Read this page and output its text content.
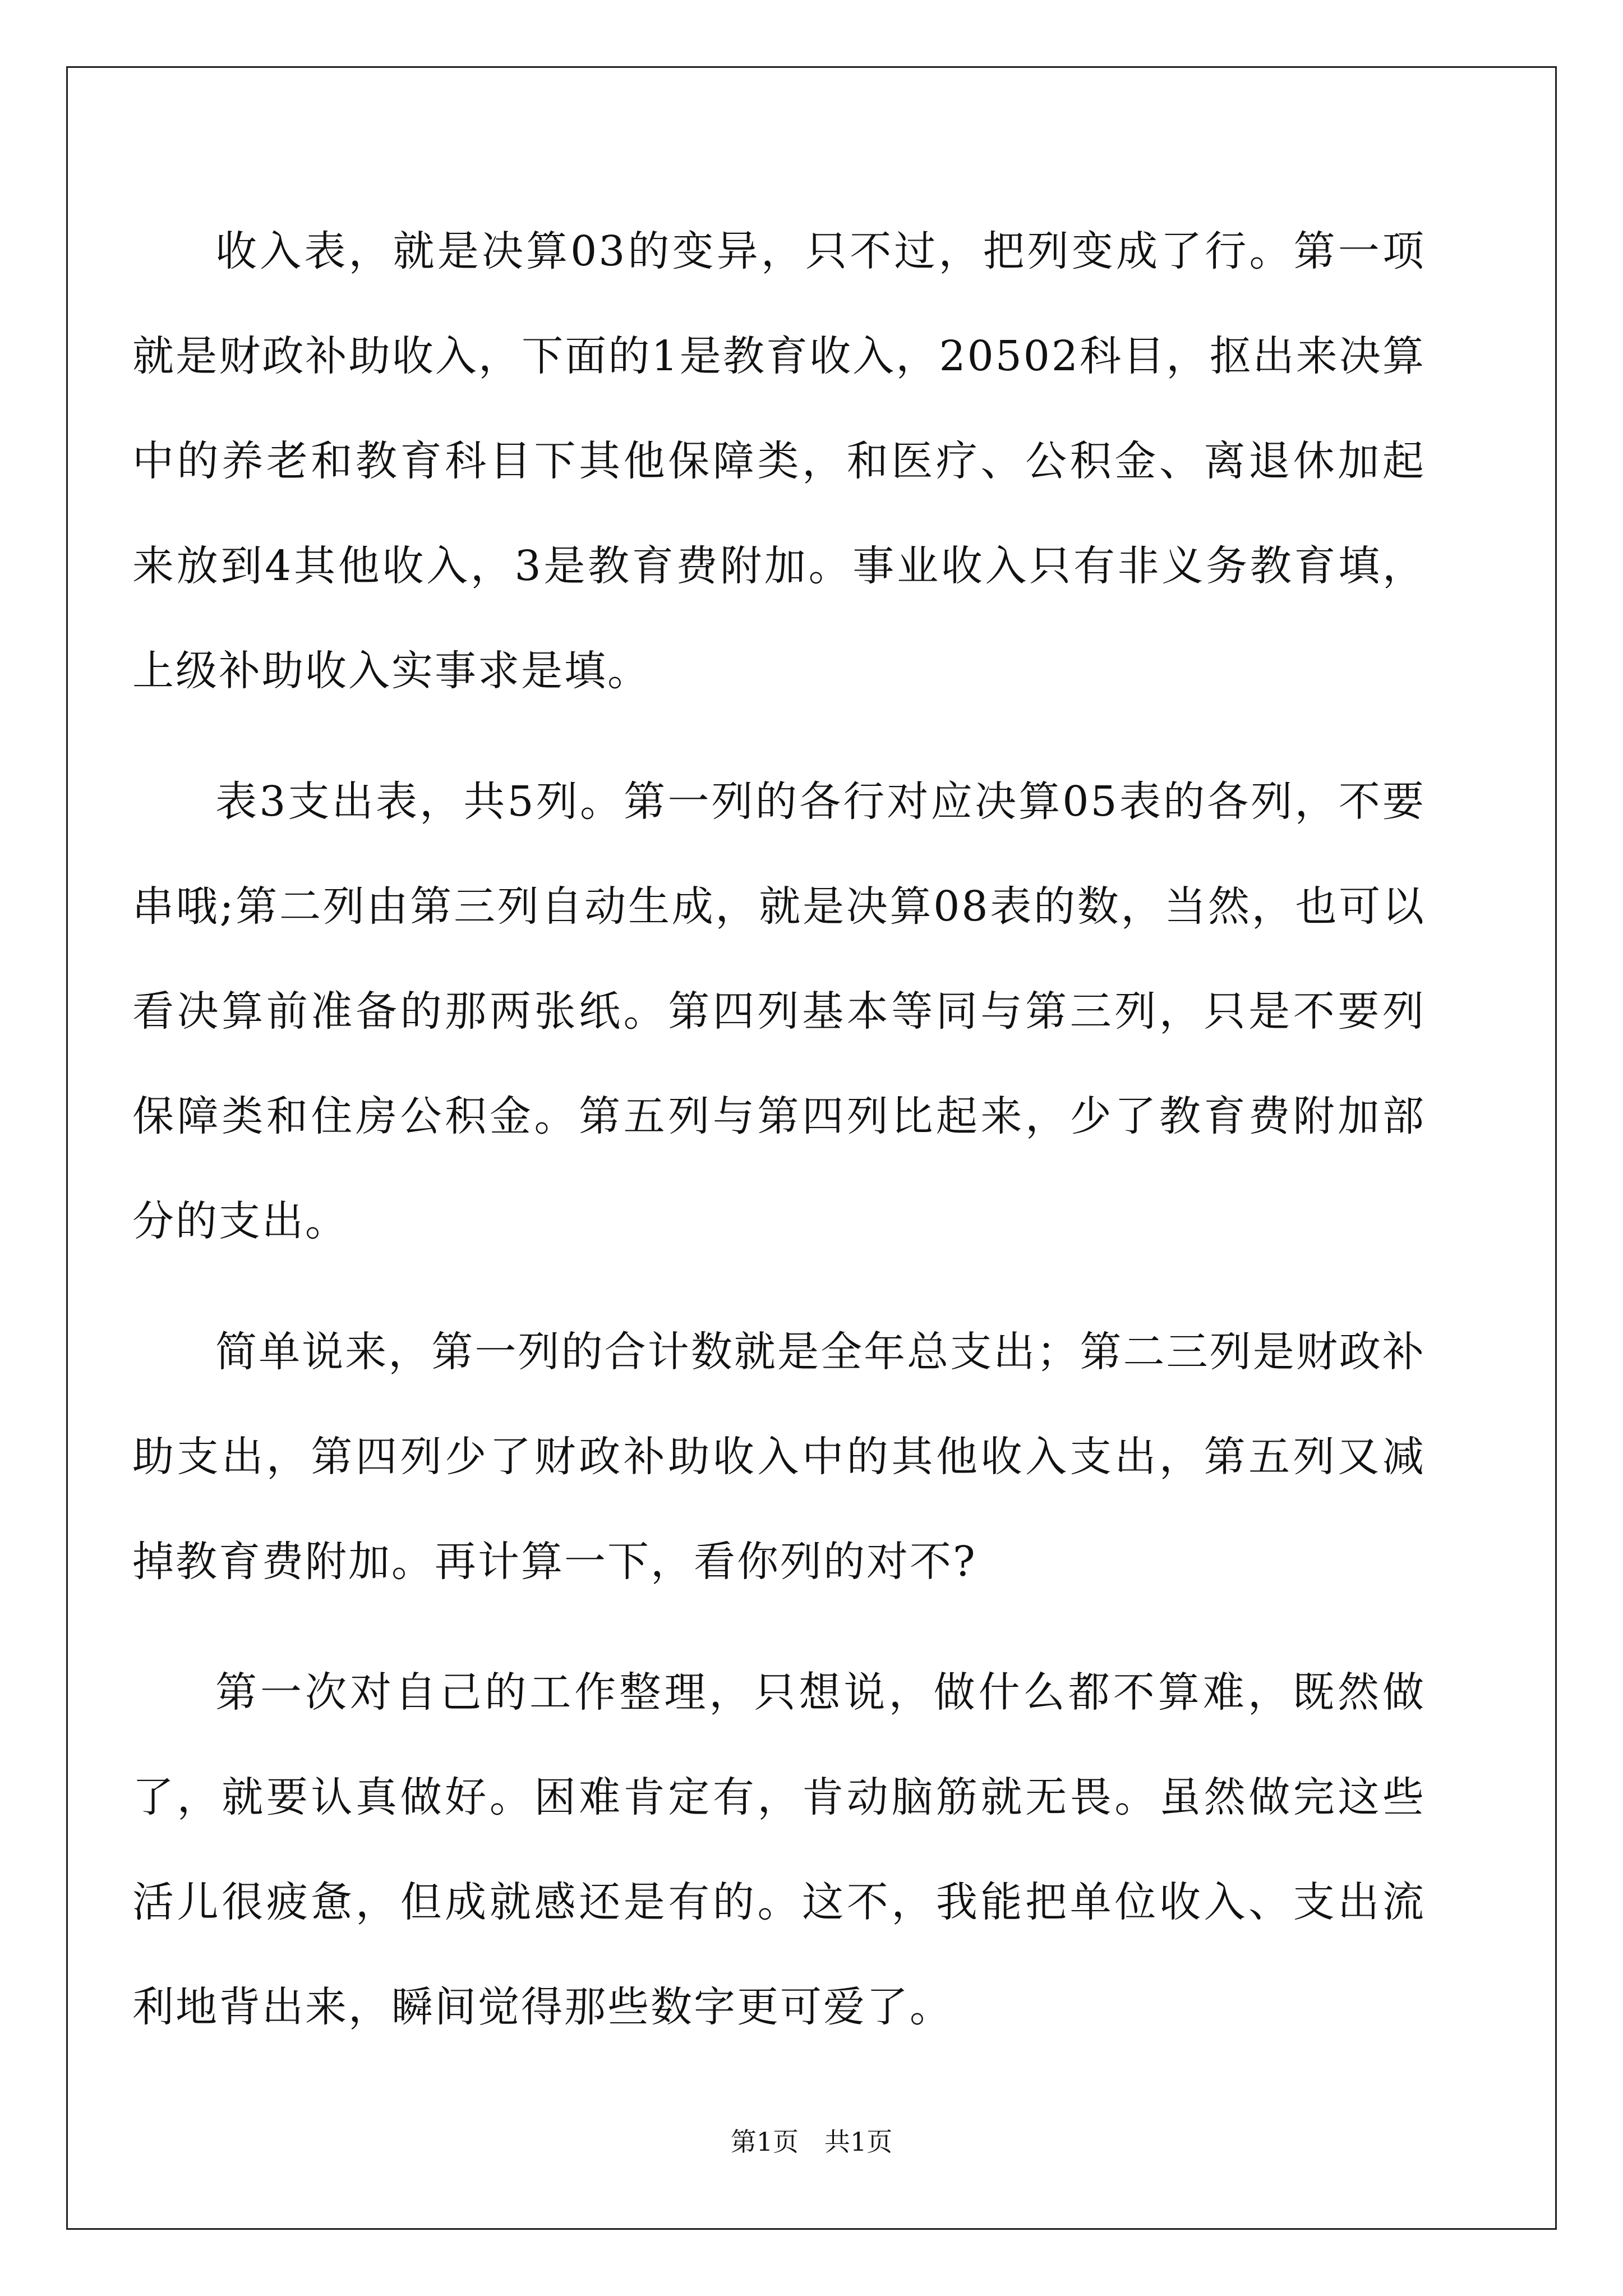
收入表，就是决算03的变异，只不过，把列变成了行。第一项就是财政补助收入，下面的1是教育收入，20502科目，抠出来决算中的养老和教育科目下其他保障类，和医疗、公积金、离退休加起来放到4其他收入，3是教育费附加。事业收入只有非义务教育填，上级补助收入实事求是填。

表3支出表，共5列。第一列的各行对应决算05表的各列，不要串哦;第二列由第三列自动生成，就是决算08表的数，当然，也可以看决算前准备的那两张纸。第四列基本等同与第三列，只是不要列保障类和住房公积金。第五列与第四列比起来，少了教育费附加部分的支出。

简单说来，第一列的合计数就是全年总支出；第二三列是财政补助支出，第四列少了财政补助收入中的其他收入支出，第五列又减掉教育费附加。再计算一下，看你列的对不?

第一次对自己的工作整理，只想说，做什么都不算难，既然做了，就要认真做好。困难肯定有，肯动脑筋就无畏。虽然做完这些活儿很疲惫，但成就感还是有的。这不，我能把单位收入、支出流利地背出来，瞬间觉得那些数字更可爱了。

第1页 共1页
